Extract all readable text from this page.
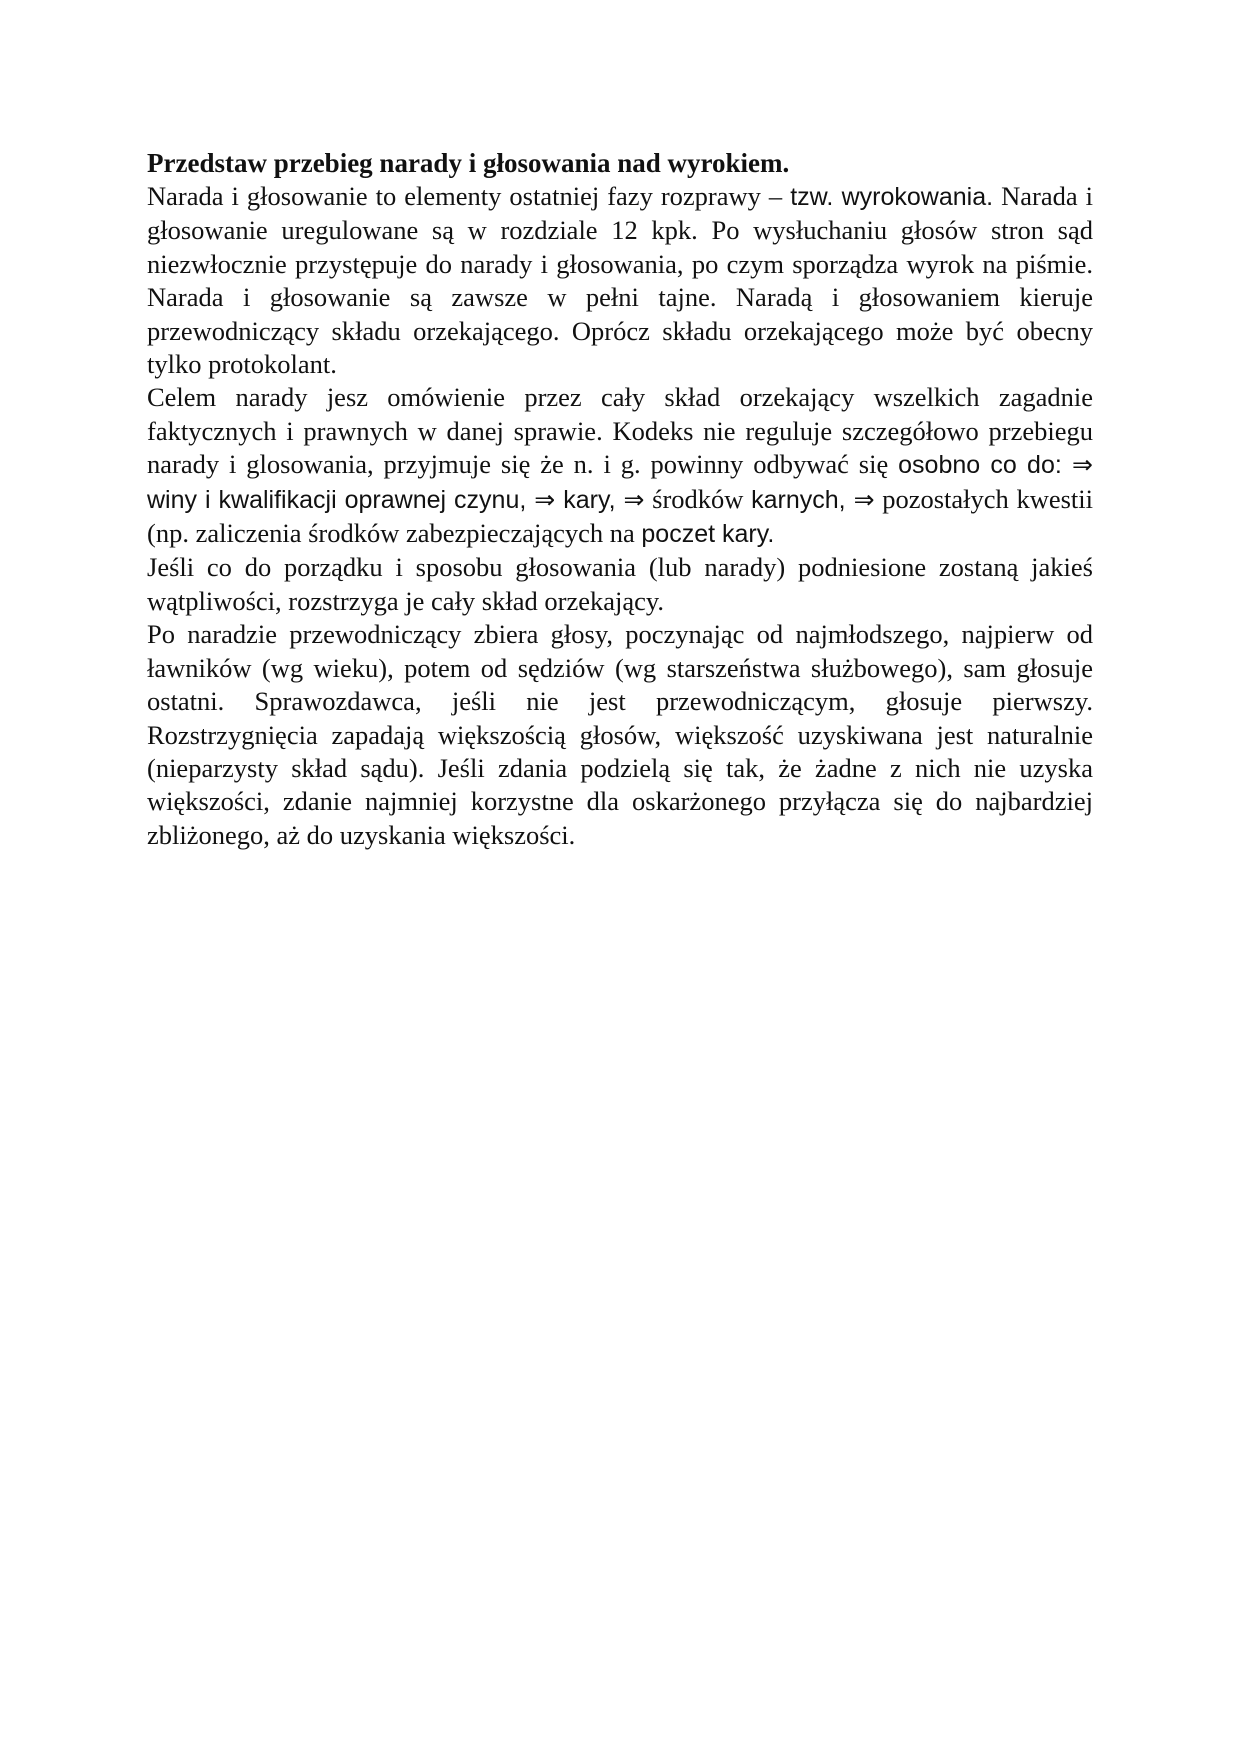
Przedstaw przebieg narady i głosowania nad wyrokiem.

Narada i głosowanie to elementy ostatniej fazy rozprawy – tzw. wyrokowania. Narada i głosowanie uregulowane są w rozdziale 12 kpk. Po wysłuchaniu głosów stron sąd niezwłocznie przystępuje do narady i głosowania, po czym sporządza wyrok na piśmie. Narada i głosowanie są zawsze w pełni tajne. Naradą i głosowaniem kieruje przewodniczący składu orzekającego. Oprócz składu orzekającego może być obecny tylko protokolant.

Celem narady jesz omówienie przez cały skład orzekający wszelkich zagadnie faktycznych i prawnych w danej sprawie. Kodeks nie reguluje szczegółowo przebiegu narady i glosowania, przyjmuje się że n. i g. powinny odbywać się osobno co do: ⇒ winy i kwalifikacji oprawnej czynu, ⇒ kary, ⇒ środków karnych, ⇒ pozostałych kwestii (np. zaliczenia środków zabezpieczających na poczet kary.

Jeśli co do porządku i sposobu głosowania (lub narady) podniesione zostaną jakieś wątpliwości, rozstrzyga je cały skład orzekający.

Po naradzie przewodniczący zbiera głosy, poczynając od najmłodszego, najpierw od ławników (wg wieku), potem od sędziów (wg starszeństwa służbowego), sam głosuje ostatni. Sprawozdawca, jeśli nie jest przewodniczącym, głosuje pierwszy. Rozstrzygnięcia zapadają większością głosów, większość uzyskiwana jest naturalnie (nieparzysty skład sądu). Jeśli zdania podzielą się tak, że żadne z nich nie uzyska większości, zdanie najmniej korzystne dla oskarżonego przyłącza się do najbardziej zbliżonego, aż do uzyskania większości.
